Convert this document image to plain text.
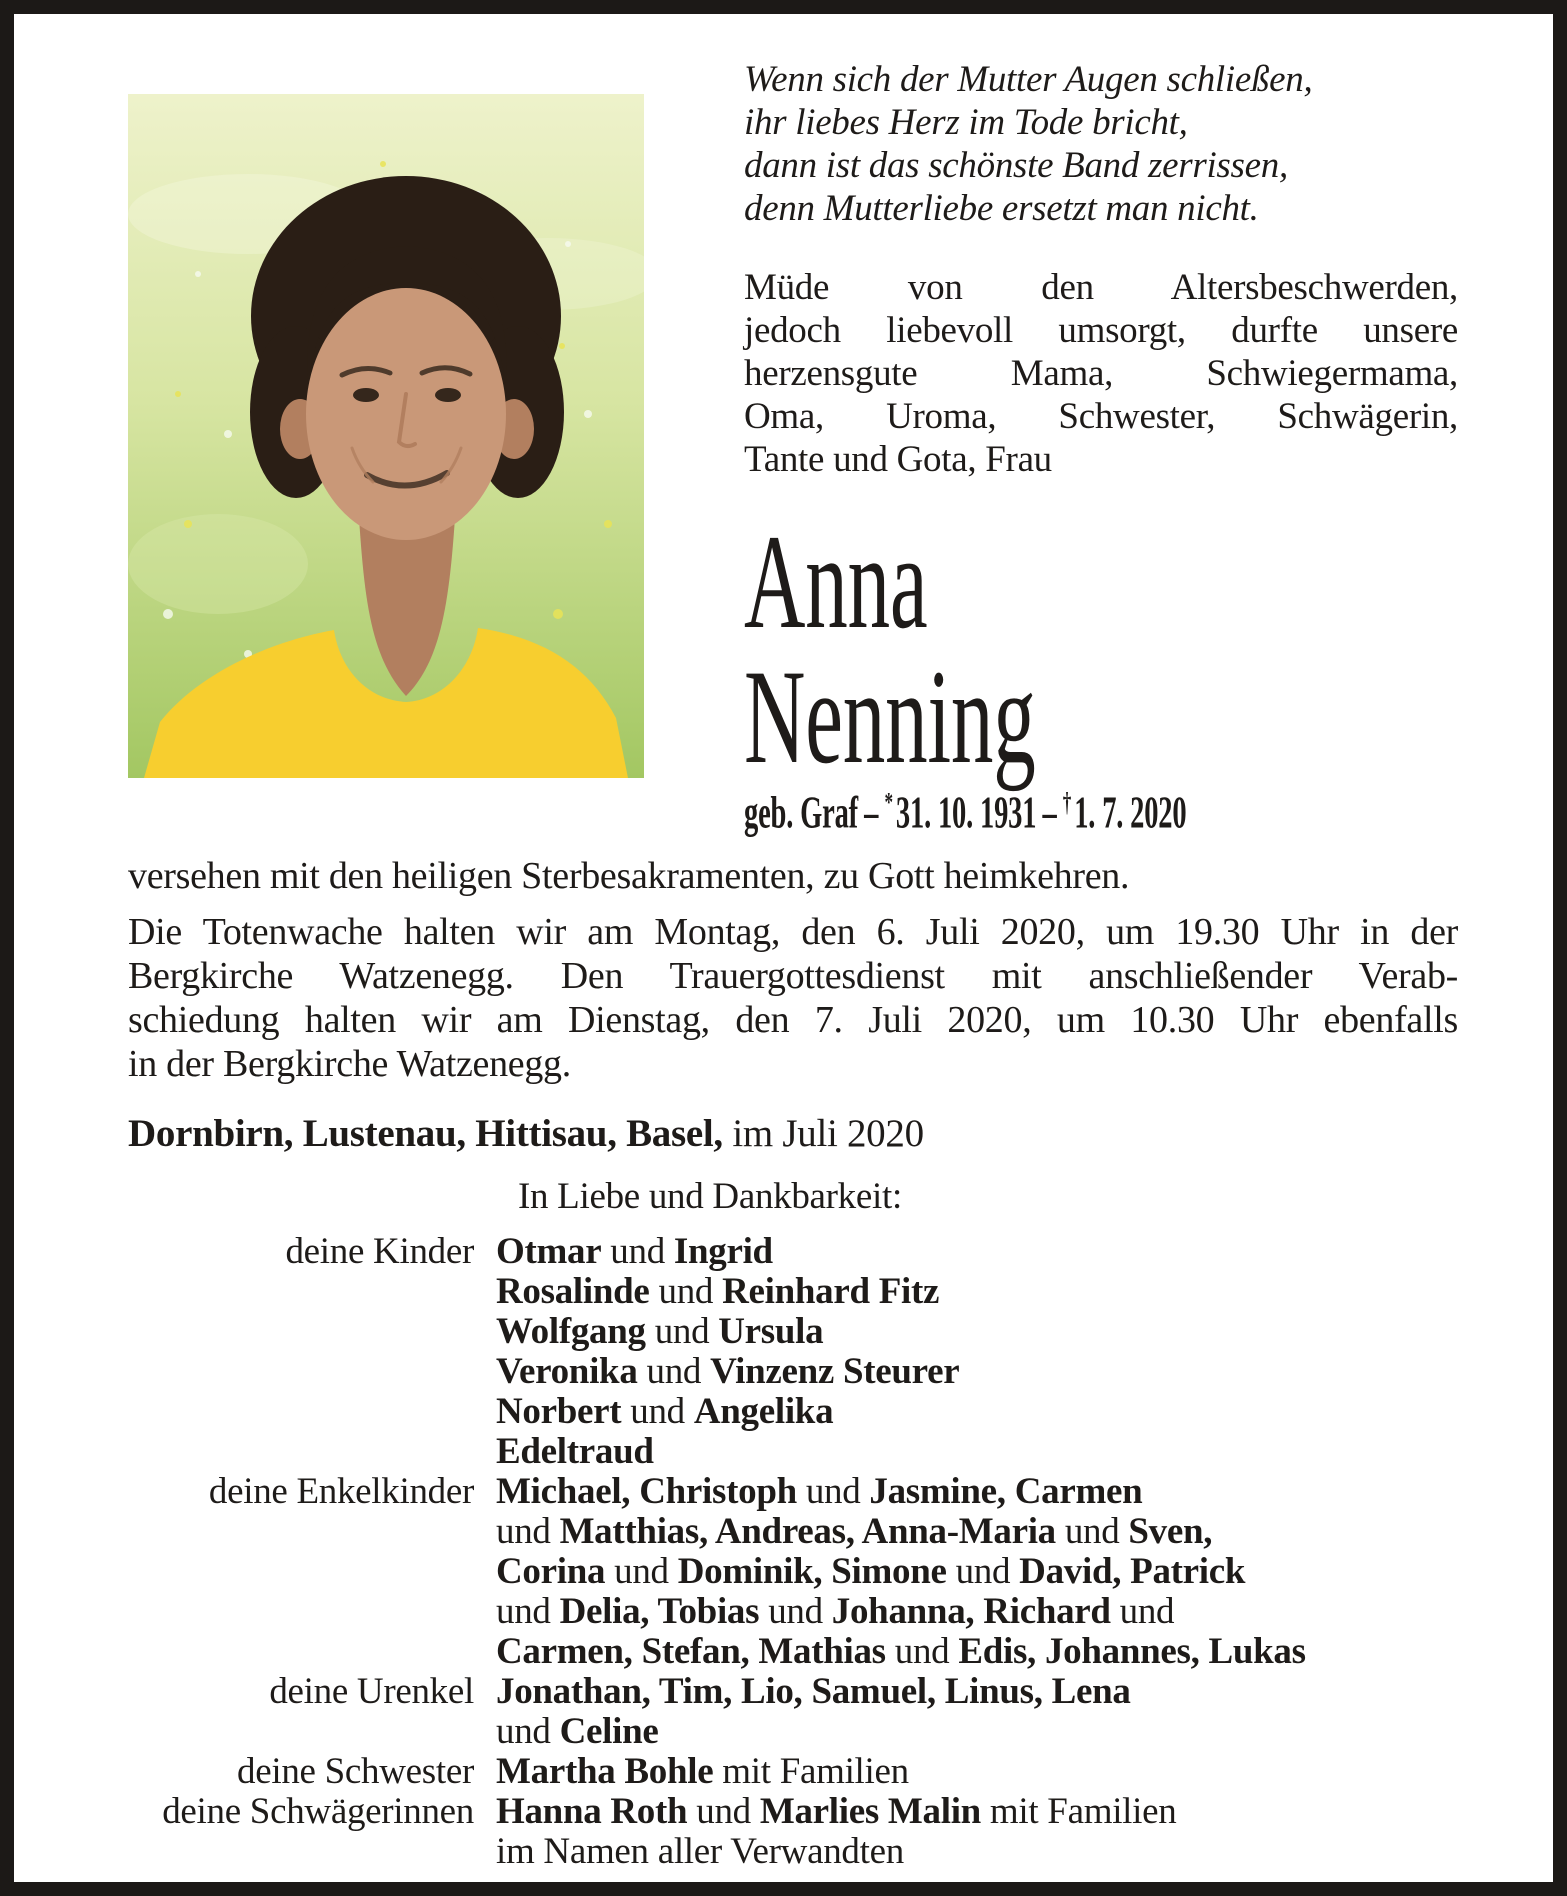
Wenn sich der Mutter Augen schließen,
ihr liebes Herz im Tode bricht,
dann ist das schönste Band zerrissen,
denn Mutterliebe ersetzt man nicht.
Müde von den Altersbeschwerden,
jedoch liebevoll umsorgt, durfte unsere
herzensgute Mama, Schwiegermama,
Oma, Uroma, Schwester, Schwägerin,
Tante und Gota, Frau
Anna
Nenning
geb. Graf – *31. 10. 1931 – †1. 7. 2020

versehen mit den heiligen Sterbesakramenten, zu Gott heimkehren.

Die Totenwache halten wir am Montag, den 6. Juli 2020, um 19.30 Uhr in der
Bergkirche Watzenegg. Den Trauergottesdienst mit anschließender Verab-
schiedung halten wir am Dienstag, den 7. Juli 2020, um 10.30 Uhr ebenfalls
in der Bergkirche Watzenegg.

Dornbirn, Lustenau, Hittisau, Basel, im Juli 2020

In Liebe und Dankbarkeit:
deine Kinder Otmar und Ingrid
Rosalinde und Reinhard Fitz
Wolfgang und Ursula
Veronika und Vinzenz Steurer
Norbert und Angelika
Edeltraud
deine Enkelkinder Michael, Christoph und Jasmine, Carmen
und Matthias, Andreas, Anna-Maria und Sven,
Corina und Dominik, Simone und David, Patrick
und Delia, Tobias und Johanna, Richard und
Carmen, Stefan, Mathias und Edis, Johannes, Lukas
deine Urenkel Jonathan, Tim, Lio, Samuel, Linus, Lena
und Celine
deine Schwester Martha Bohle mit Familien
deine Schwägerinnen Hanna Roth und Marlies Malin mit Familien
im Namen aller Verwandten
